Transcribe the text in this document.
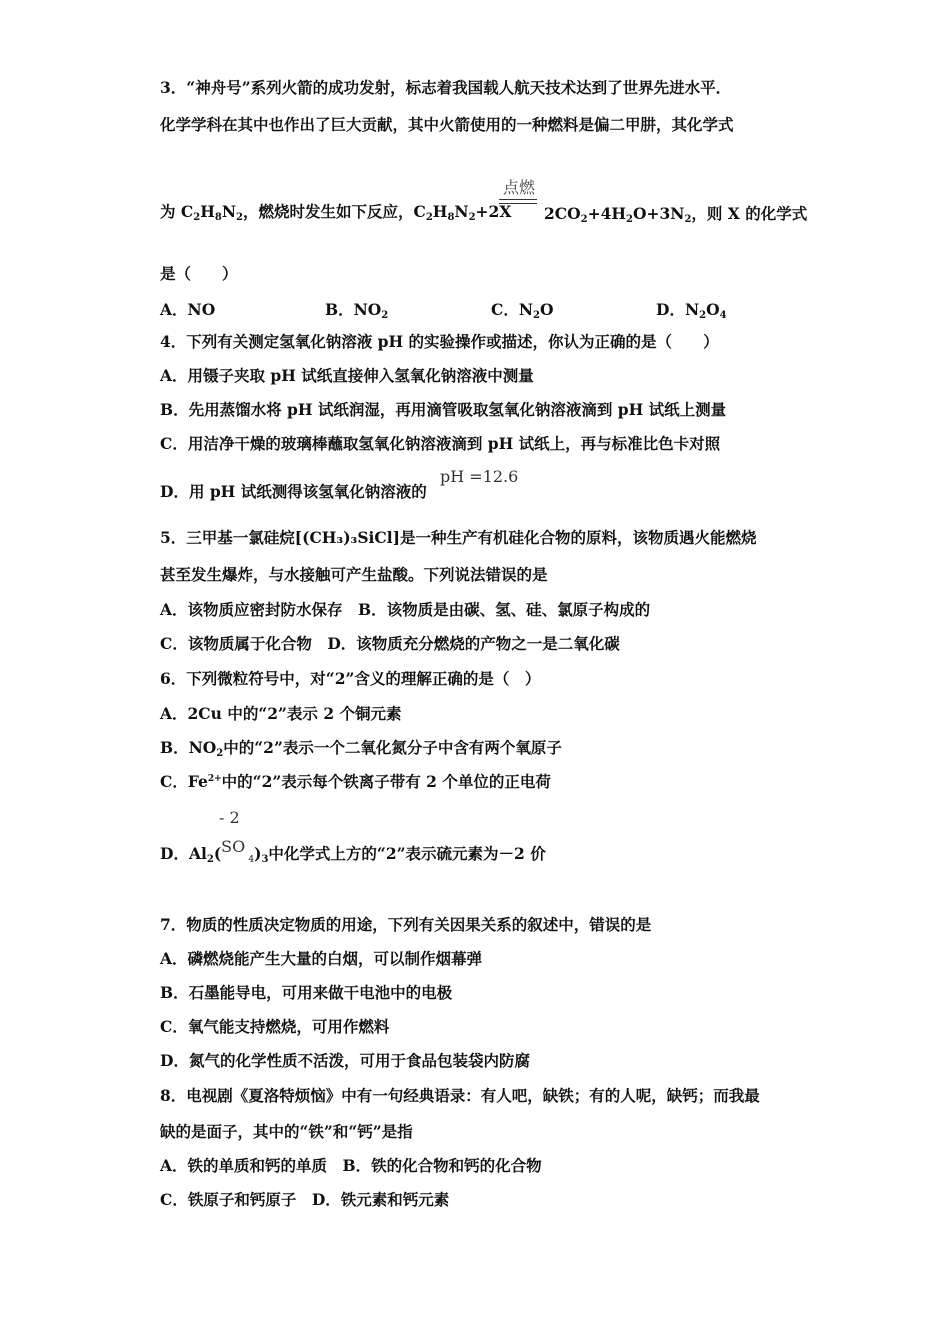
3．“神舟号”系列火箭的成功发射，标志着我国载人航天技术达到了世界先进水平．
化学学科在其中也作出了巨大贡献，其中火箭使用的一种燃料是偏二甲肼，其化学式
点燃
为 $C_2H_8N_2$，燃烧时发生如下反应，$C_2H_8N_2+2X$ $2CO_2+4H_2O+3N_2$，则 X 的化学式
是（　　）
A．NO	B．$NO_2$	C．$N_2O$	D．$N_2O_4$
4．下列有关测定氢氧化钠溶液 pH 的实验操作或描述，你认为正确的是（　　）
A．用镊子夹取 pH 试纸直接伸入氢氧化钠溶液中测量
B．先用蒸馏水将 pH 试纸润湿，再用滴管吸取氢氧化钠溶液滴到 pH 试纸上测量
C．用洁净干燥的玻璃棒蘸取氢氧化钠溶液滴到 pH 试纸上，再与标准比色卡对照
pH =12.6
D．用 pH 试纸测得该氢氧化钠溶液的
5．三甲基一氯硅烷[(CH₃)₃SiCl]是一种生产有机硅化合物的原料，该物质遇火能燃烧
甚至发生爆炸，与水接触可产生盐酸。下列说法错误的是
A．该物质应密封防水保存　B．该物质是由碳、氢、硅、氯原子构成的
C．该物质属于化合物　D．该物质充分燃烧的产物之一是二氧化碳
6．下列微粒符号中，对“2”含义的理解正确的是（　）
A．2Cu 中的“2”表示 2 个铜元素
B．$NO_2$中的“2”表示一个二氧化氮分子中含有两个氧原子
C．$Fe^{2+}$中的“2”表示每个铁离子带有 2 个单位的正电荷
- 2
D．$Al_2(SO$ $4)_3$中化学式上方的“2”表示硫元素为－2 价
7．物质的性质决定物质的用途，下列有关因果关系的叙述中，错误的是
A．磷燃烧能产生大量的白烟，可以制作烟幕弹
B．石墨能导电，可用来做干电池中的电极
C．氧气能支持燃烧，可用作燃料
D．氮气的化学性质不活泼，可用于食品包装袋内防腐
8．电视剧《夏洛特烦恼》中有一句经典语录：有人吧，缺铁；有的人呢，缺钙；而我最
缺的是面子，其中的“铁”和“钙”是指
A．铁的单质和钙的单质　B．铁的化合物和钙的化合物
C．铁原子和钙原子　D．铁元素和钙元素
